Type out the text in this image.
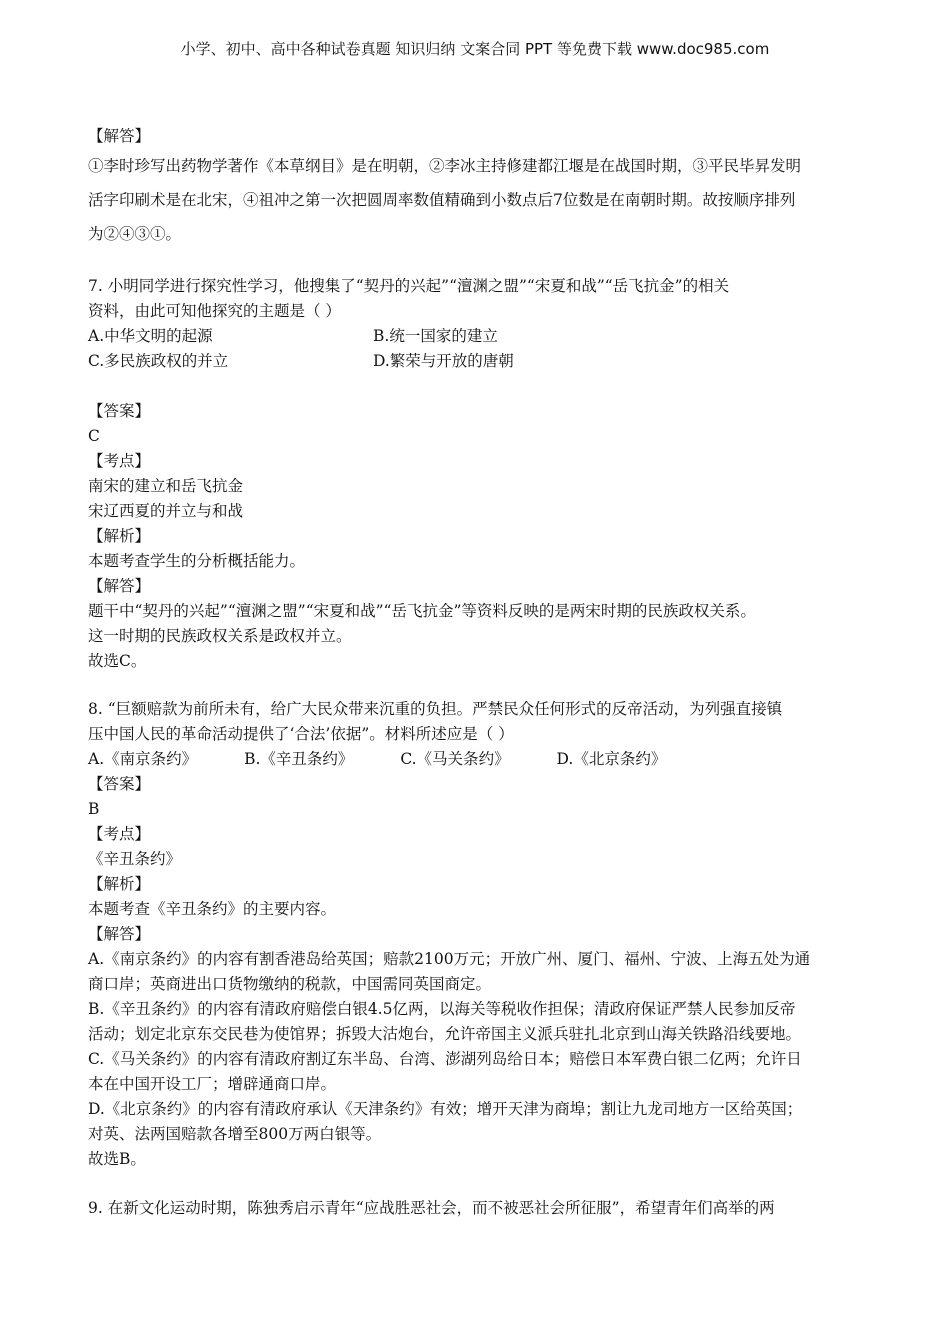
小学、初中、高中各种试卷真题 知识归纳 文案合同 PPT 等免费下载 www.doc985.com
【解答】
①李时珍写出药物学著作《本草纲目》是在明朝，②李冰主持修建都江堰是在战国时期，③平民毕昇发明
活字印刷术是在北宋，④祖冲之第一次把圆周率数值精确到小数点后7位数是在南朝时期。故按顺序排列
为②④③①。
7. 小明同学进行探究性学习，他搜集了“契丹的兴起”“澶渊之盟”“宋夏和战”“岳飞抗金”的相关
资料，由此可知他探究的主题是（ ）
A.中华文明的起源	B.统一国家的建立
C.多民族政权的并立	D.繁荣与开放的唐朝
【答案】
C
【考点】
南宋的建立和岳飞抗金
宋辽西夏的并立与和战
【解析】
本题考查学生的分析概括能力。
【解答】
题干中“契丹的兴起”“澶渊之盟”“宋夏和战”“岳飞抗金”等资料反映的是两宋时期的民族政权关系。
这一时期的民族政权关系是政权并立。
故选C。
8. “巨额赔款为前所未有，给广大民众带来沉重的负担。严禁民众任何形式的反帝活动，为列强直接镇
压中国人民的革命活动提供了‘合法’依据”。材料所述应是（ ）
A.《南京条约》	B.《辛丑条约》	C.《马关条约》	D.《北京条约》
【答案】
B
【考点】
《辛丑条约》
【解析】
本题考查《辛丑条约》的主要内容。
【解答】
A.《南京条约》的内容有割香港岛给英国；赔款2100万元；开放广州、厦门、福州、宁波、上海五处为通
商口岸；英商进出口货物缴纳的税款，中国需同英国商定。
B.《辛丑条约》的内容有清政府赔偿白银4.5亿两，以海关等税收作担保；清政府保证严禁人民参加反帝
活动；划定北京东交民巷为使馆界；拆毁大沽炮台，允许帝国主义派兵驻扎北京到山海关铁路沿线要地。
C.《马关条约》的内容有清政府割辽东半岛、台湾、澎湖列岛给日本；赔偿日本军费白银二亿两；允许日
本在中国开设工厂；增辟通商口岸。
D.《北京条约》的内容有清政府承认《天津条约》有效；增开天津为商埠；割让九龙司地方一区给英国；
对英、法两国赔款各增至800万两白银等。
故选B。
9. 在新文化运动时期，陈独秀启示青年“应战胜恶社会，而不被恶社会所征服”，希望青年们高举的两
